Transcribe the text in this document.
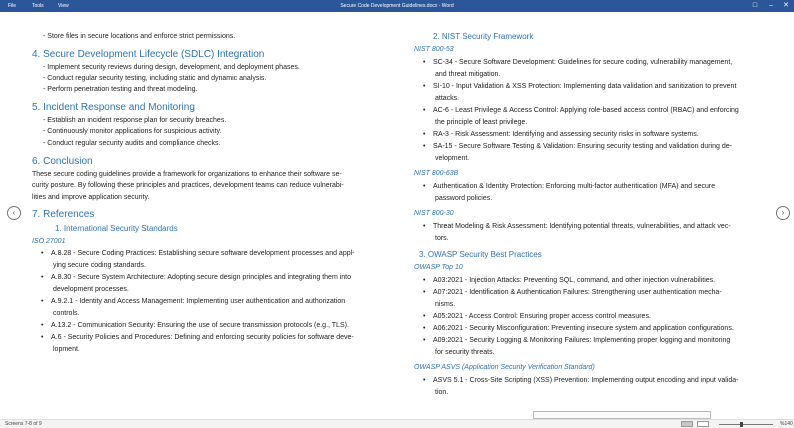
File	Tools	View	Secure Code Development Guidelines.docx - Word	□	–	✕
- Store files in secure locations and enforce strict permissions.
4. Secure Development Lifecycle (SDLC) Integration
- Implement security reviews during design, development, and deployment phases.
- Conduct regular security testing, including static and dynamic analysis.
- Perform penetration testing and threat modeling.
5. Incident Response and Monitoring
- Establish an incident response plan for security breaches.
- Continuously monitor applications for suspicious activity.
- Conduct regular security audits and compliance checks.
6. Conclusion
These secure coding guidelines provide a framework for organizations to enhance their software se-
curity posture. By following these principles and practices, development teams can reduce vulnerabi-
lities and improve application security.
7. References
1. International Security Standards
ISO 27001
• A.8.28 - Secure Coding Practices: Establishing secure software development processes and appl-
ying secure coding standards.
• A.8.30 - Secure System Architecture: Adopting secure design principles and integrating them into
development processes.
• A.9.2.1 - Identity and Access Management: Implementing user authentication and authorization
controls.
• A.13.2 - Communication Security: Ensuring the use of secure transmission protocols (e.g., TLS).
• A.6 - Security Policies and Procedures: Defining and enforcing security policies for software deve-
lopment.
2. NIST Security Framework
NIST 800-53
• SC-34 - Secure Software Development: Guidelines for secure coding, vulnerability management,
and threat mitigation.
• SI-10 - Input Validation & XSS Protection: Implementing data validation and sanitization to prevent
attacks.
• AC-6 - Least Privilege & Access Control: Applying role-based access control (RBAC) and enforcing
the principle of least privilege.
• RA-3 - Risk Assessment: Identifying and assessing security risks in software systems.
• SA-15 - Secure Software Testing & Validation: Ensuring security testing and validation during de-
velopment.
NIST 800-63B
• Authentication & Identity Protection: Enforcing multi-factor authentication (MFA) and secure
password policies.
NIST 800-30
• Threat Modeling & Risk Assessment: Identifying potential threats, vulnerabilities, and attack vec-
tors.
3. OWASP Security Best Practices
OWASP Top 10
• A03:2021 - Injection Attacks: Preventing SQL, command, and other injection vulnerabilities.
• A07:2021 - Identification & Authentication Failures: Strengthening user authentication mecha-
nisms.
• A05:2021 - Access Control: Ensuring proper access control measures.
• A06:2021 - Security Misconfiguration: Preventing insecure system and application configurations.
• A09:2021 - Security Logging & Monitoring Failures: Implementing proper logging and monitoring
for security threats.
OWASP ASVS (Application Security Verification Standard)
• ASVS 5.1 - Cross-Site Scripting (XSS) Prevention: Implementing output encoding and input valida-
tion.
‹	›
Screens 7-8 of 9	%140
